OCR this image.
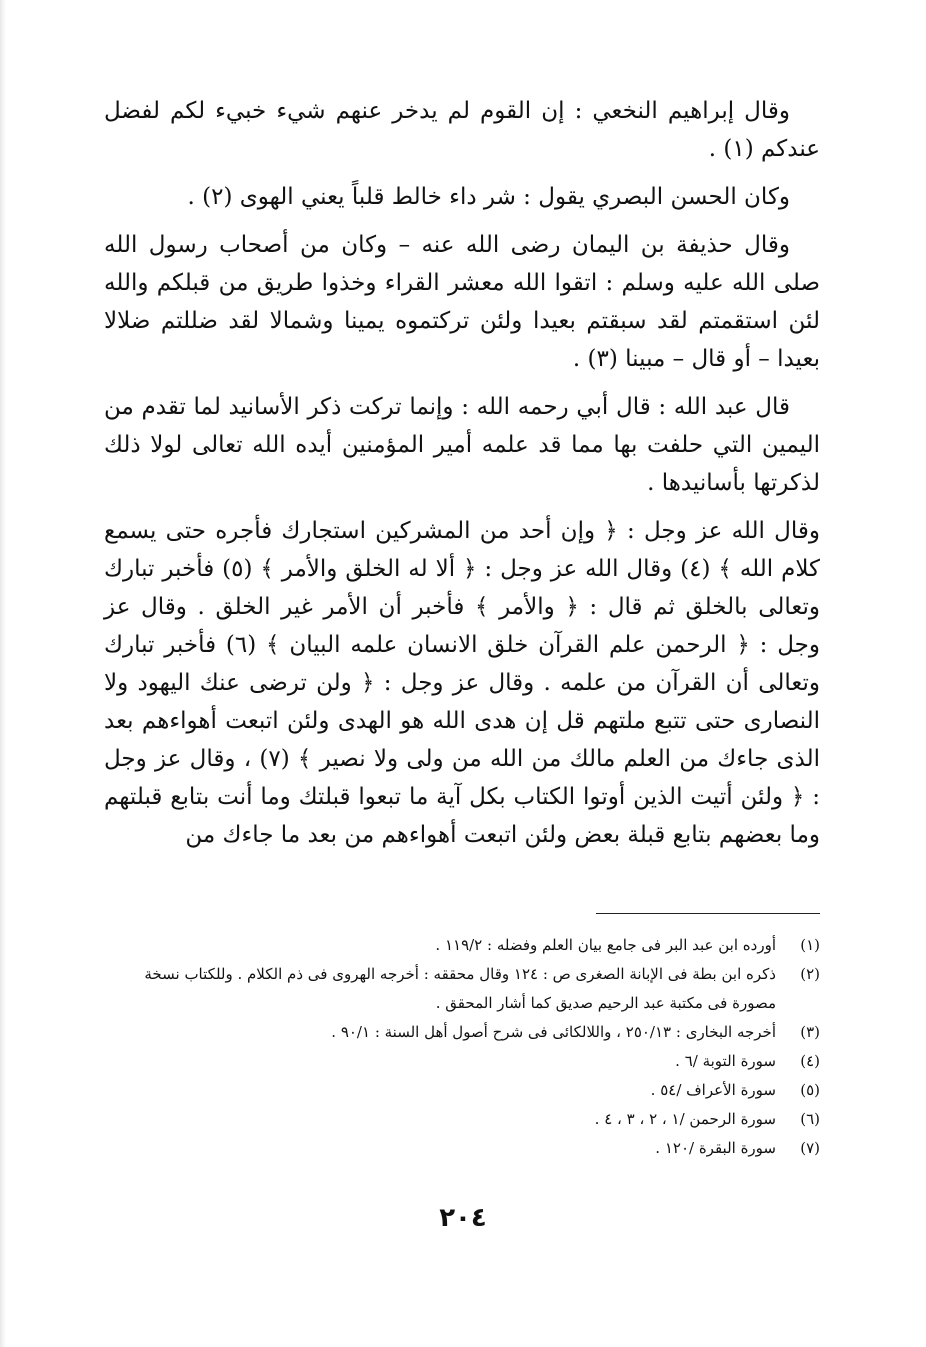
وقال إبراهيم النخعي : إن القوم لم يدخر عنهم شيء خبيء لكم لفضل عندكم (١) .

وكان الحسن البصري يقول : شر داء خالط قلباً يعني الهوى (٢) .

وقال حذيفة بن اليمان رضى الله عنه – وكان من أصحاب رسول الله صلى الله عليه وسلم : اتقوا الله معشر القراء وخذوا طريق من قبلكم والله لئن استقمتم لقد سبقتم بعيدا ولئن تركتموه يمينا وشمالا لقد ضللتم ضلالا بعيدا – أو قال – مبينا (٣) .

قال عبد الله : قال أبي رحمه الله : وإنما تركت ذكر الأسانيد لما تقدم من اليمين التي حلفت بها مما قد علمه أمير المؤمنين أيده الله تعالى لولا ذلك لذكرتها بأسانيدها .

وقال الله عز وجل : ﴿ وإن أحد من المشركين استجارك فأجره حتى يسمع كلام الله ﴾ (٤) وقال الله عز وجل : ﴿ ألا له الخلق والأمر ﴾ (٥) فأخبر تبارك وتعالى بالخلق ثم قال : ﴿ والأمر ﴾ فأخبر أن الأمر غير الخلق . وقال عز وجل : ﴿ الرحمن علم القرآن خلق الانسان علمه البيان ﴾ (٦) فأخبر تبارك وتعالى أن القرآن من علمه . وقال عز وجل : ﴿ ولن ترضى عنك اليهود ولا النصارى حتى تتبع ملتهم قل إن هدى الله هو الهدى ولئن اتبعت أهواءهم بعد الذى جاءك من العلم مالك من الله من ولى ولا نصير ﴾ (٧) ، وقال عز وجل : ﴿ ولئن أتيت الذين أوتوا الكتاب بكل آية ما تبعوا قبلتك وما أنت بتابع قبلتهم وما بعضهم بتابع قبلة بعض ولئن اتبعت أهواءهم من بعد ما جاءك من

(١)
أورده ابن عبد البر فى جامع بيان العلم وفضله : ١١٩/٢ .

(٢)
ذكره ابن بطة فى الإبانة الصغرى ص : ١٢٤ وقال محققه : أخرجه الهروى فى ذم الكلام . وللكتاب نسخة مصورة فى مكتبة عبد الرحيم صديق كما أشار المحقق .

(٣)
أخرجه البخارى : ٢٥٠/١٣ ، واللالكائى فى شرح أصول أهل السنة : ٩٠/١ .

(٤)
سورة التوبة /٦ .

(٥)
سورة الأعراف /٥٤ .

(٦)
سورة الرحمن /١ ، ٢ ، ٣ ، ٤ .

(٧)
سورة البقرة /١٢٠ .

٢٠٤
